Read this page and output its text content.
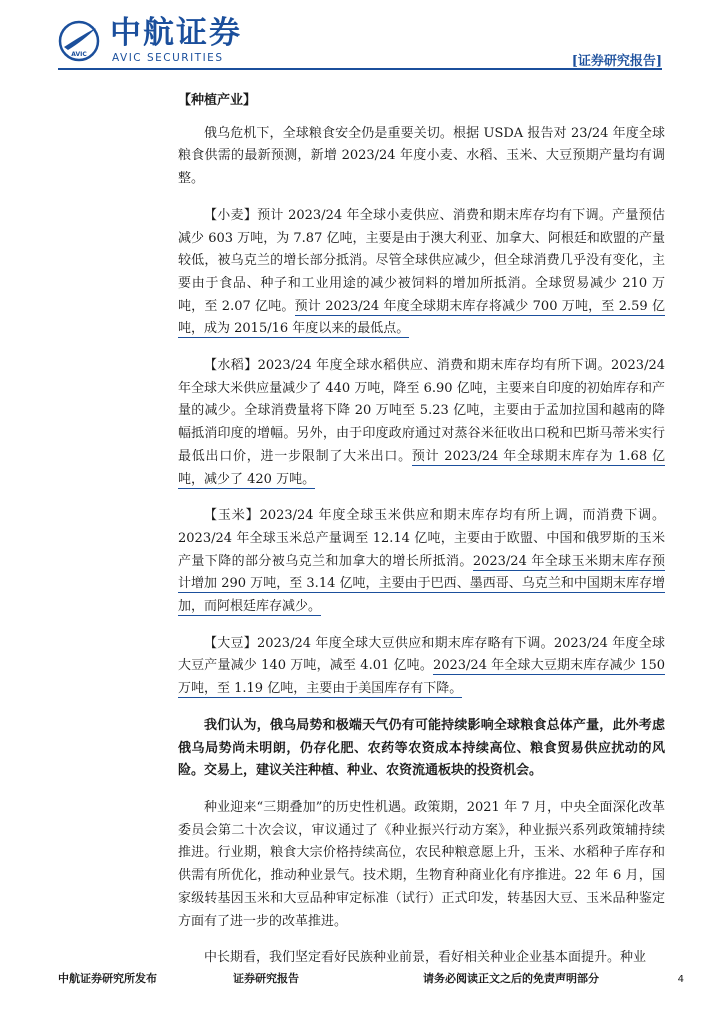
AVIC
中航证券
AVIC SECURITIES	[证券研究报告]
【种植产业】

俄乌危机下，全球粮食安全仍是重要关切。根据 USDA 报告对 23/24 年度全球粮食供需的最新预测，新增 2023/24 年度小麦、水稻、玉米、大豆预期产量均有调整。

【小麦】预计 2023/24 年全球小麦供应、消费和期末库存均有下调。产量预估减少 603 万吨，为 7.87 亿吨，主要是由于澳大利亚、加拿大、阿根廷和欧盟的产量较低，被乌克兰的增长部分抵消。尽管全球供应减少，但全球消费几乎没有变化，主要由于食品、种子和工业用途的减少被饲料的增加所抵消。全球贸易减少 210 万吨，至 2.07 亿吨。预计 2023/24 年度全球期末库存将减少 700 万吨，至 2.59 亿吨，成为 2015/16 年度以来的最低点。

【水稻】2023/24 年度全球水稻供应、消费和期末库存均有所下调。2023/24 年全球大米供应量减少了 440 万吨，降至 6.90 亿吨，主要来自印度的初始库存和产量的减少。全球消费量将下降 20 万吨至 5.23 亿吨，主要由于孟加拉国和越南的降幅抵消印度的增幅。另外，由于印度政府通过对蒸谷米征收出口税和巴斯马蒂米实行最低出口价，进一步限制了大米出口。预计 2023/24 年全球期末库存为 1.68 亿吨，减少了 420 万吨。

【玉米】2023/24 年度全球玉米供应和期末库存均有所上调，而消费下调。2023/24 年全球玉米总产量调至 12.14 亿吨，主要由于欧盟、中国和俄罗斯的玉米产量下降的部分被乌克兰和加拿大的增长所抵消。2023/24 年全球玉米期末库存预计增加 290 万吨，至 3.14 亿吨，主要由于巴西、墨西哥、乌克兰和中国期末库存增加，而阿根廷库存减少。

【大豆】2023/24 年度全球大豆供应和期末库存略有下调。2023/24 年度全球大豆产量减少 140 万吨，减至 4.01 亿吨。2023/24 年全球大豆期末库存减少 150 万吨，至 1.19 亿吨，主要由于美国库存有下降。

我们认为，俄乌局势和极端天气仍有可能持续影响全球粮食总体产量，此外考虑俄乌局势尚未明朗，仍存化肥、农药等农资成本持续高位、粮食贸易供应扰动的风险。交易上，建议关注种植、种业、农资流通板块的投资机会。

种业迎来“三期叠加”的历史性机遇。政策期，2021 年 7 月，中央全面深化改革委员会第二十次会议，审议通过了《种业振兴行动方案》，种业振兴系列政策辅持续推进。行业期，粮食大宗价格持续高位，农民种粮意愿上升，玉米、水稻种子库存和供需有所优化，推动种业景气。技术期，生物育种商业化有序推进。22 年 6 月，国家级转基因玉米和大豆品种审定标准（试行）正式印发，转基因大豆、玉米品种鉴定方面有了进一步的改革推进。

中长期看，我们坚定看好民族种业前景，看好相关种业企业基本面提升。种业

中航证券研究所发布	证券研究报告	请务必阅读正文之后的免责声明部分	4
